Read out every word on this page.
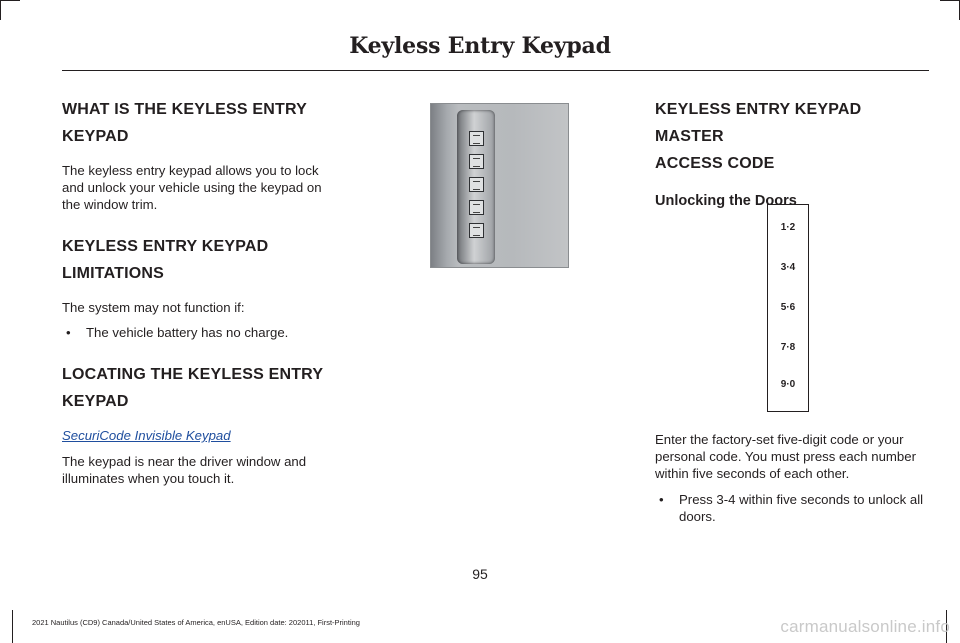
Keyless Entry Keypad
WHAT IS THE KEYLESS ENTRY
KEYPAD

The keyless entry keypad allows you to lock and unlock your vehicle using the keypad on the window trim.

KEYLESS ENTRY KEYPAD
LIMITATIONS

The system may not function if:

•	The vehicle battery has no charge.
LOCATING THE KEYLESS ENTRY
KEYPAD
SecuriCode Invisible Keypad

The keypad is near the driver window and illuminates when you touch it.

KEYLESS ENTRY KEYPAD MASTER
ACCESS CODE
Unlocking the Doors
1·2
3·4
5·6
7·8
9·0

Enter the factory-set five-digit code or your personal code. You must press each number within five seconds of each other.

•	Press 3-4 within five seconds to unlock all doors.
95
2021 Nautilus (CD9) Canada/United States of America, enUSA, Edition date: 202011, First-Printing	carmanualsonline.info
